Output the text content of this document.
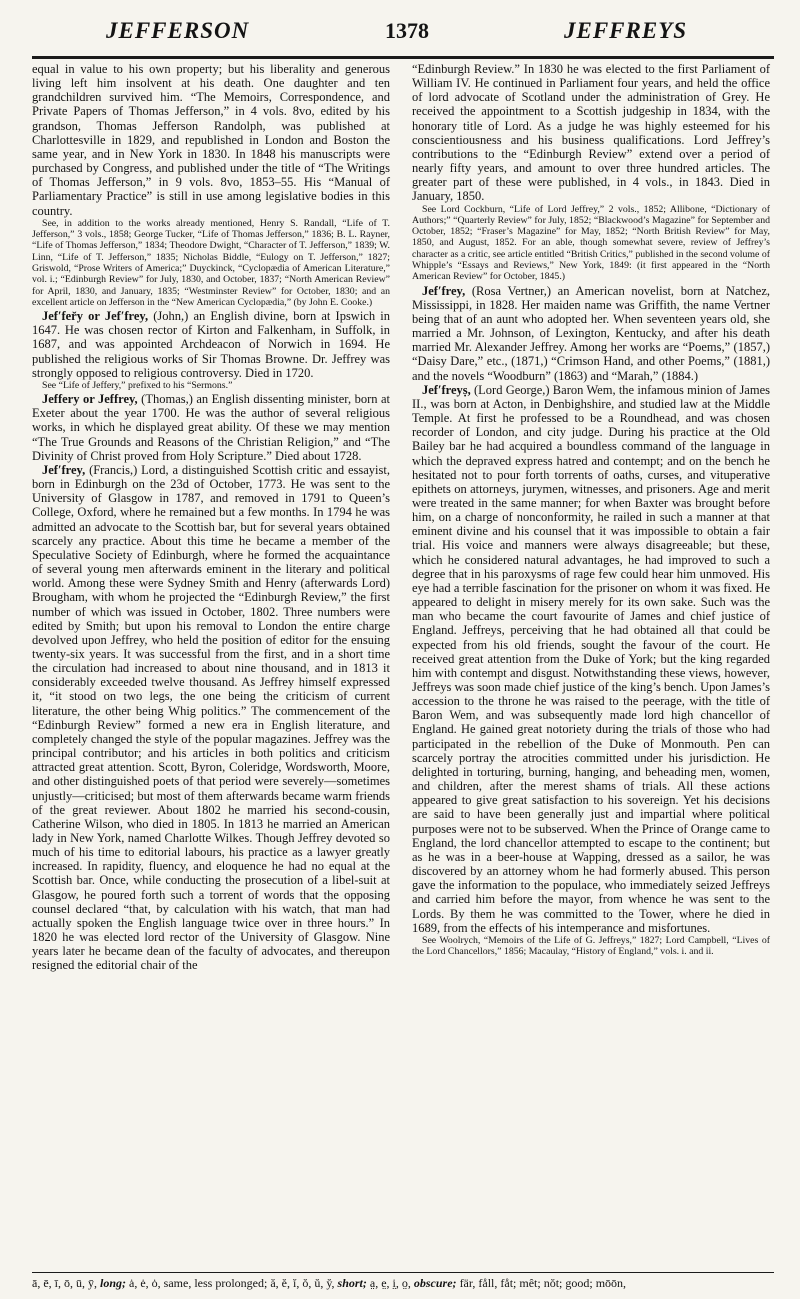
JEFFERSON	1378	JEFFREYS

equal in value to his own property; but his liberality and generous living left him insolvent at his death. One daughter and ten grandchildren survived him. “The Memoirs, Correspondence, and Private Papers of Thomas Jefferson,” in 4 vols. 8vo, edited by his grandson, Thomas Jefferson Randolph, was published at Charlottesville in 1829, and republished in London and Boston the same year, and in New York in 1830. In 1848 his manuscripts were purchased by Congress, and published under the title of “The Writings of Thomas Jefferson,” in 9 vols. 8vo, 1853–55. His “Manual of Parliamentary Practice” is still in use among legislative bodies in this country.

See, in addition to the works already mentioned, Henry S. Randall, “Life of T. Jefferson,” 3 vols., 1858; George Tucker, “Life of Thomas Jefferson,” 1836; B. L. Rayner, “Life of Thomas Jefferson,” 1834; Theodore Dwight, “Character of T. Jefferson,” 1839; W. Linn, “Life of T. Jefferson,” 1835; Nicholas Biddle, “Eulogy on T. Jefferson,” 1827; Griswold, “Prose Writers of America;” Duyckinck, “Cyclopædia of American Literature,” vol. i.; “Edinburgh Review” for July, 1830, and October, 1837; “North American Review” for April, 1830, and January, 1835; “Westminster Review” for October, 1830; and an excellent article on Jefferson in the “New American Cyclopædia,” (by John E. Cooke.)

Jef′fer̆y or Jef′frey, (John,) an English divine, born at Ipswich in 1647. He was chosen rector of Kirton and Falkenham, in Suffolk, in 1687, and was appointed Archdeacon of Norwich in 1694. He published the religious works of Sir Thomas Browne. Dr. Jeffrey was strongly opposed to religious controversy. Died in 1720.

See “Life of Jeffery,” prefixed to his “Sermons.”

Jeffery or Jeffrey, (Thomas,) an English dissenting minister, born at Exeter about the year 1700. He was the author of several religious works, in which he displayed great ability. Of these we may mention “The True Grounds and Reasons of the Christian Religion,” and “The Divinity of Christ proved from Holy Scripture.” Died about 1728.

Jef′frey, (Francis,) Lord, a distinguished Scottish critic and essayist, born in Edinburgh on the 23d of October, 1773. He was sent to the University of Glasgow in 1787, and removed in 1791 to Queen’s College, Oxford, where he remained but a few months. In 1794 he was admitted an advocate to the Scottish bar, but for several years obtained scarcely any practice. About this time he became a member of the Speculative Society of Edinburgh, where he formed the acquaintance of several young men afterwards eminent in the literary and political world. Among these were Sydney Smith and Henry (afterwards Lord) Brougham, with whom he projected the “Edinburgh Review,” the first number of which was issued in October, 1802. Three numbers were edited by Smith; but upon his removal to London the entire charge devolved upon Jeffrey, who held the position of editor for the ensuing twenty-six years. It was successful from the first, and in a short time the circulation had increased to about nine thousand, and in 1813 it considerably exceeded twelve thousand. As Jeffrey himself expressed it, “it stood on two legs, the one being the criticism of current literature, the other being Whig politics.” The commencement of the “Edinburgh Review” formed a new era in English literature, and completely changed the style of the popular magazines. Jeffrey was the principal contributor; and his articles in both politics and criticism attracted great attention. Scott, Byron, Coleridge, Wordsworth, Moore, and other distinguished poets of that period were severely—sometimes unjustly—criticised; but most of them afterwards became warm friends of the great reviewer. About 1802 he married his second-cousin, Catherine Wilson, who died in 1805. In 1813 he married an American lady in New York, named Charlotte Wilkes. Though Jeffrey devoted so much of his time to editorial labours, his practice as a lawyer greatly increased. In rapidity, fluency, and eloquence he had no equal at the Scottish bar. Once, while conducting the prosecution of a libel-suit at Glasgow, he poured forth such a torrent of words that the opposing counsel declared “that, by calculation with his watch, that man had actually spoken the English language twice over in three hours.” In 1820 he was elected lord rector of the University of Glasgow. Nine years later he became dean of the faculty of advocates, and thereupon resigned the editorial chair of the

“Edinburgh Review.” In 1830 he was elected to the first Parliament of William IV. He continued in Parliament four years, and held the office of lord advocate of Scotland under the administration of Grey. He received the appointment to a Scottish judgeship in 1834, with the honorary title of Lord. As a judge he was highly esteemed for his conscientiousness and his business qualifications. Lord Jeffrey’s contributions to the “Edinburgh Review” extend over a period of nearly fifty years, and amount to over three hundred articles. The greater part of these were published, in 4 vols., in 1843. Died in January, 1850.

See Lord Cockburn, “Life of Lord Jeffrey,” 2 vols., 1852; Allibone, “Dictionary of Authors;” “Quarterly Review” for July, 1852; “Blackwood’s Magazine” for September and October, 1852; “Fraser’s Magazine” for May, 1852; “North British Review” for May, 1850, and August, 1852. For an able, though somewhat severe, review of Jeffrey’s character as a critic, see article entitled “British Critics,” published in the second volume of Whipple’s “Essays and Reviews,” New York, 1849: (it first appeared in the “North American Review” for October, 1845.)

Jef′frey, (Rosa Vertner,) an American novelist, born at Natchez, Mississippi, in 1828. Her maiden name was Griffith, the name Vertner being that of an aunt who adopted her. When seventeen years old, she married a Mr. Johnson, of Lexington, Kentucky, and after his death married Mr. Alexander Jeffrey. Among her works are “Poems,” (1857,) “Daisy Dare,” etc., (1871,) “Crimson Hand, and other Poems,” (1881,) and the novels “Woodburn” (1863) and “Marah,” (1884.)

Jef′freyṣ, (Lord George,) Baron Wem, the infamous minion of James II., was born at Acton, in Denbighshire, and studied law at the Middle Temple. At first he professed to be a Roundhead, and was chosen recorder of London, and city judge. During his practice at the Old Bailey bar he had acquired a boundless command of the language in which the depraved express hatred and contempt; and on the bench he hesitated not to pour forth torrents of oaths, curses, and vituperative epithets on attorneys, jurymen, witnesses, and prisoners. Age and merit were treated in the same manner; for when Baxter was brought before him, on a charge of nonconformity, he railed in such a manner at that eminent divine and his counsel that it was impossible to obtain a fair trial. His voice and manners were always disagreeable; but these, which he considered natural advantages, he had improved to such a degree that in his paroxysms of rage few could hear him unmoved. His eye had a terrible fascination for the prisoner on whom it was fixed. He appeared to delight in misery merely for its own sake. Such was the man who became the court favourite of James and chief justice of England. Jeffreys, perceiving that he had obtained all that could be expected from his old friends, sought the favour of the court. He received great attention from the Duke of York; but the king regarded him with contempt and disgust. Notwithstanding these views, however, Jeffreys was soon made chief justice of the king’s bench. Upon James’s accession to the throne he was raised to the peerage, with the title of Baron Wem, and was subsequently made lord high chancellor of England. He gained great notoriety during the trials of those who had participated in the rebellion of the Duke of Monmouth. Pen can scarcely portray the atrocities committed under his jurisdiction. He delighted in torturing, burning, hanging, and beheading men, women, and children, after the merest shams of trials. All these actions appeared to give great satisfaction to his sovereign. Yet his decisions are said to have been generally just and impartial where political purposes were not to be subserved. When the Prince of Orange came to England, the lord chancellor attempted to escape to the continent; but as he was in a beer-house at Wapping, dressed as a sailor, he was discovered by an attorney whom he had formerly abused. This person gave the information to the populace, who immediately seized Jeffreys and carried him before the mayor, from whence he was sent to the Lords. By them he was committed to the Tower, where he died in 1689, from the effects of his intemperance and misfortunes.

See Woolrych, “Memoirs of the Life of G. Jeffreys,” 1827; Lord Campbell, “Lives of the Lord Chancellors,” 1856; Macaulay, “History of England,” vols. i. and ii.

ā, ē, ī, ō, ū, ȳ, long; ȧ, ė, ȯ, same, less prolonged; ă, ĕ, ĭ, ŏ, ŭ, y̆, short; a̤, e̤, i̤, o̤, obscure; fär, fåll, fåt; mêt; nŏt; good; mōōn,
